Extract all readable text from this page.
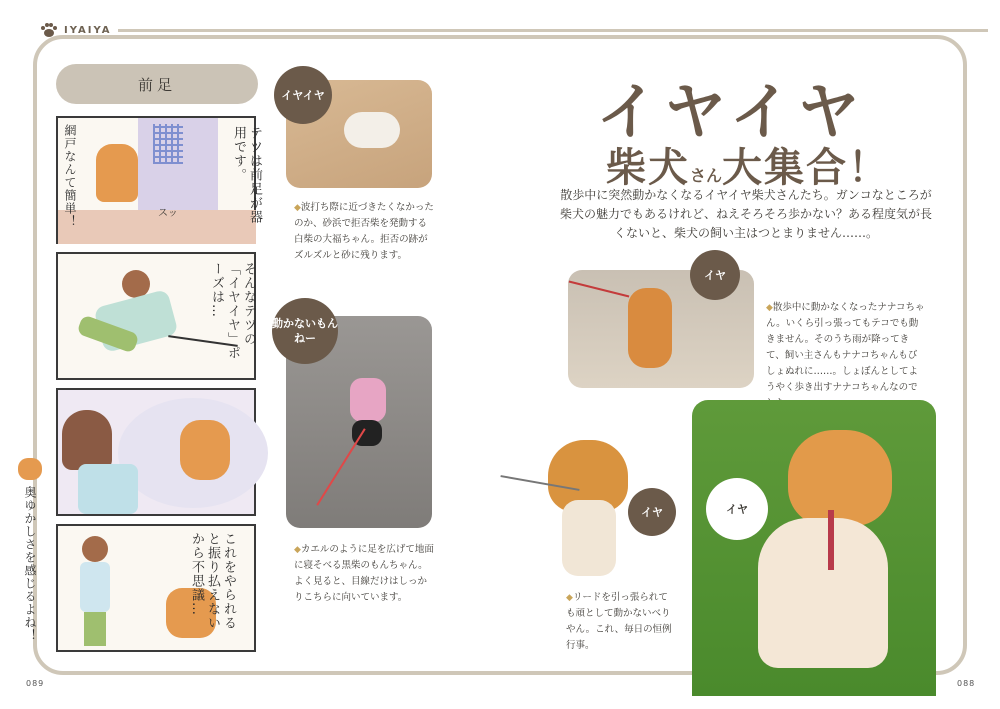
IYAIYA
前足
テツは前足が器用です。
網戸なんて簡単！	スッ
そんなテツの「イヤイヤ」ポーズは…
これをやられると振り払えないから不思議…
奥ゆかしさを感じるよね！
イヤイヤ
◆波打ち際に近づきたくなかったのか、砂浜で拒否柴を発動する白柴の大福ちゃん。拒否の跡がズルズルと砂に残ります。
動かないもんねー
◆カエルのように足を広げて地面に寝そべる黒柴のもんちゃん。よく見ると、目線だけはしっかりこちらに向いています。
イヤイヤ
柴犬さん大集合！
散歩中に突然動かなくなるイヤイヤ柴犬さんたち。ガンコなところが柴犬の魅力でもあるけれど、ねえそろそろ歩かない？ある程度気が長くないと、柴犬の飼い主はつとまりません……。
イヤ
◆散歩中に動かなくなったナナコちゃん。いくら引っ張ってもテコでも動きません。そのうち雨が降ってきて、飼い主さんもナナコちゃんもびしょぬれに……。しょぼんとしてようやく歩き出すナナコちゃんなので
イヤ
◆リードを引っ張られても頑として動かないべりやん。これ、毎日の恒例行事。
イヤ
089	088
